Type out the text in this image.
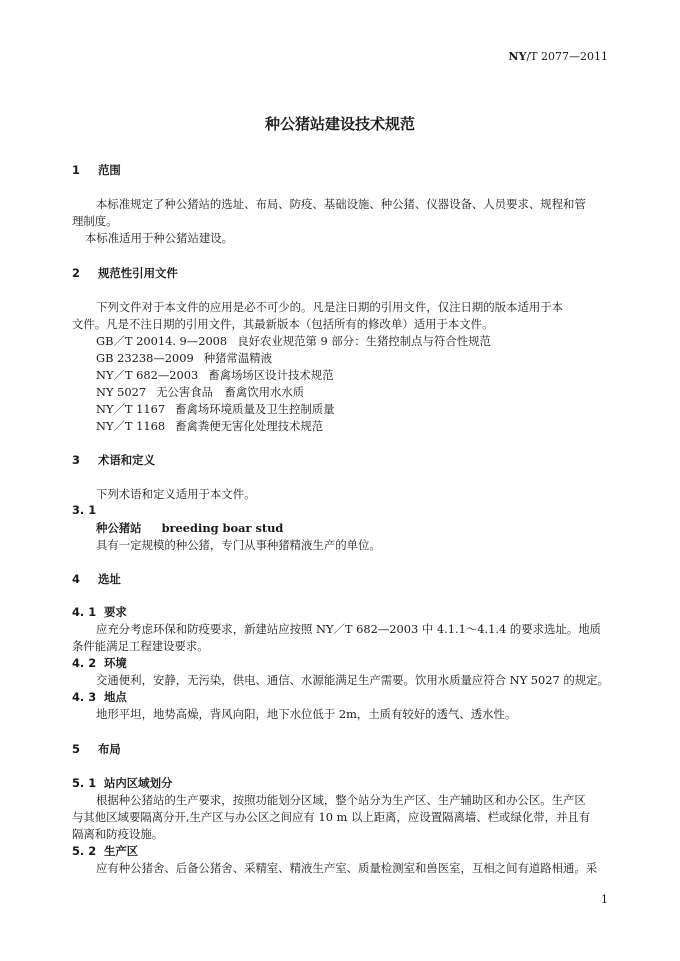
NY/T 2077—2011
种公猪站建设技术规范
1 范围
本标准规定了种公猪站的选址、布局、防疫、基础设施、种公猪、仪器设备、人员要求、规程和管
理制度。
本标准适用于种公猪站建设。
2 规范性引用文件
下列文件对于本文件的应用是必不可少的。凡是注日期的引用文件，仅注日期的版本适用于本
文件。凡是不注日期的引用文件，其最新版本（包括所有的修改单）适用于本文件。
GB／T 20014. 9—2008 良好农业规范第 9 部分：生猪控制点与符合性规范
GB 23238—2009 种猪常温精液
NY／T 682—2003 畜禽场场区设计技术规范
NY 5027 无公害食品　畜禽饮用水水质
NY／T 1167 畜禽场环境质量及卫生控制质量
NY／T 1168 畜禽粪便无害化处理技术规范
3 术语和定义
下列术语和定义适用于本文件。
3. 1
种公猪站 breeding boar stud
具有一定规模的种公猪，专门从事种猪精液生产的单位。
4 选址
4. 1 要求
应充分考虑环保和防疫要求，新建站应按照 NY／T 682—2003 中 4.1.1～4.1.4 的要求选址。地质
条件能满足工程建设要求。
4. 2 环境
交通便利，安静，无污染，供电、通信、水源能满足生产需要。饮用水质量应符合 NY 5027 的规定。
4. 3 地点
地形平坦，地势高燥，背风向阳，地下水位低于 2m，土质有较好的透气、透水性。
5 布局
5. 1 站内区域划分
根据种公猪站的生产要求，按照功能划分区域，整个站分为生产区、生产辅助区和办公区。生产区
与其他区域要隔离分开,生产区与办公区之间应有 10 m 以上距离，应设置隔离墙、栏或绿化带，并且有
隔离和防疫设施。
5. 2 生产区
应有种公猪舍、后备公猪舍、采精室、精液生产室、质量检测室和兽医室，互相之间有道路相通。采
1
